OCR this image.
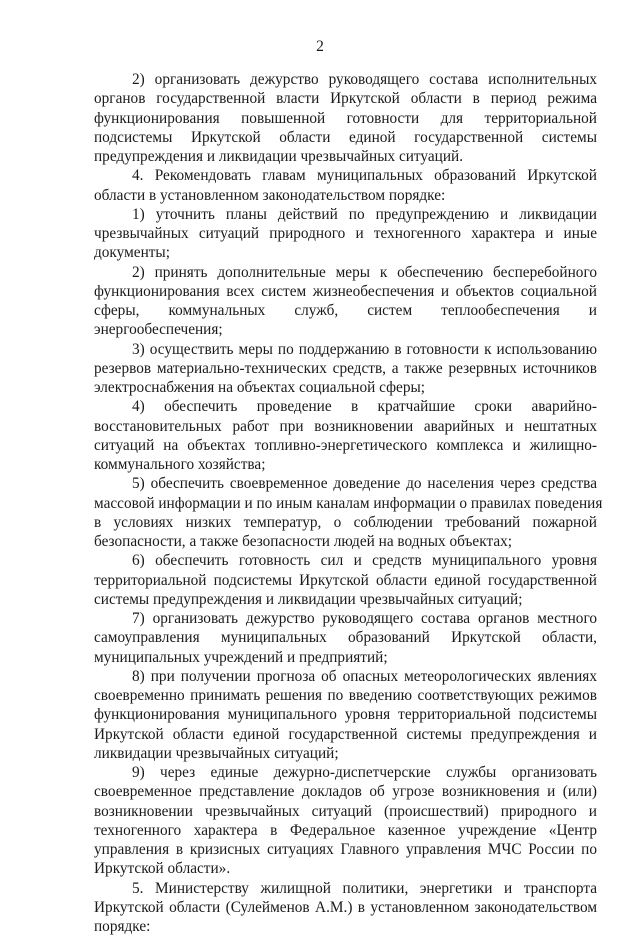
2
2) организовать дежурство руководящего состава исполнительных
органов государственной власти Иркутской области в период режима
функционирования повышенной готовности для территориальной
подсистемы Иркутской области единой государственной системы
предупреждения и ликвидации чрезвычайных ситуаций.
4. Рекомендовать главам муниципальных образований Иркутской
области в установленном законодательством порядке:
1) уточнить планы действий по предупреждению и ликвидации
чрезвычайных ситуаций природного и техногенного характера и иные
документы;
2) принять дополнительные меры к обеспечению бесперебойного
функционирования всех систем жизнеобеспечения и объектов социальной
сферы, коммунальных служб, систем теплообеспечения и
энергообеспечения;
3) осуществить меры по поддержанию в готовности к использованию
резервов материально-технических средств, а также резервных источников
электроснабжения на объектах социальной сферы;
4) обеспечить проведение в кратчайшие сроки аварийно-
восстановительных работ при возникновении аварийных и нештатных
ситуаций на объектах топливно-энергетического комплекса и жилищно-
коммунального хозяйства;
5) обеспечить своевременное доведение до населения через средства
массовой информации и по иным каналам информации о правилах поведения
в условиях низких температур, о соблюдении требований пожарной
безопасности, а также безопасности людей на водных объектах;
6) обеспечить готовность сил и средств муниципального уровня
территориальной подсистемы Иркутской области единой государственной
системы предупреждения и ликвидации чрезвычайных ситуаций;
7) организовать дежурство руководящего состава органов местного
самоуправления муниципальных образований Иркутской области,
муниципальных учреждений и предприятий;
8) при получении прогноза об опасных метеорологических явлениях
своевременно принимать решения по введению соответствующих режимов
функционирования муниципального уровня территориальной подсистемы
Иркутской области единой государственной системы предупреждения и
ликвидации чрезвычайных ситуаций;
9) через единые дежурно-диспетчерские службы организовать
своевременное представление докладов об угрозе возникновения и (или)
возникновении чрезвычайных ситуаций (происшествий) природного и
техногенного характера в Федеральное казенное учреждение «Центр
управления в кризисных ситуациях Главного управления МЧС России по
Иркутской области».
5. Министерству жилищной политики, энергетики и транспорта
Иркутской области (Сулейменов А.М.) в установленном законодательством
порядке:
